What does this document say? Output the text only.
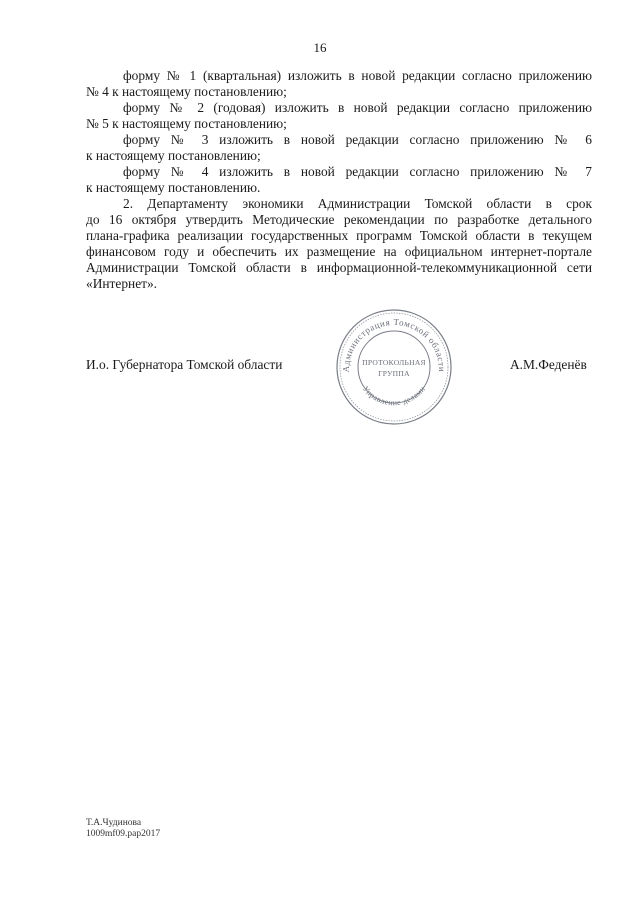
16
форму № 1 (квартальная) изложить в новой редакции согласно приложению
№ 4 к настоящему постановлению;
форму № 2 (годовая) изложить в новой редакции согласно приложению
№ 5 к настоящему постановлению;
форму № 3 изложить в новой редакции согласно приложению № 6
к настоящему постановлению;
форму № 4 изложить в новой редакции согласно приложению № 7
к настоящему постановлению.
2. Департаменту экономики Администрации Томской области в срок
до 16 октября утвердить Методические рекомендации по разработке детального
плана-графика реализации государственных программ Томской области в текущем
финансовом году и обеспечить их размещение на официальном интернет-портале
Администрации Томской области в информационной-телекоммуникационной сети
«Интернет».
Администрация Томской области
Управление делами
ПРОТОКОЛЬНАЯ
ГРУППА
И.о. Губернатора Томской области	А.М.Феденёв
Т.А.Чудинова
1009mf09.pap2017
